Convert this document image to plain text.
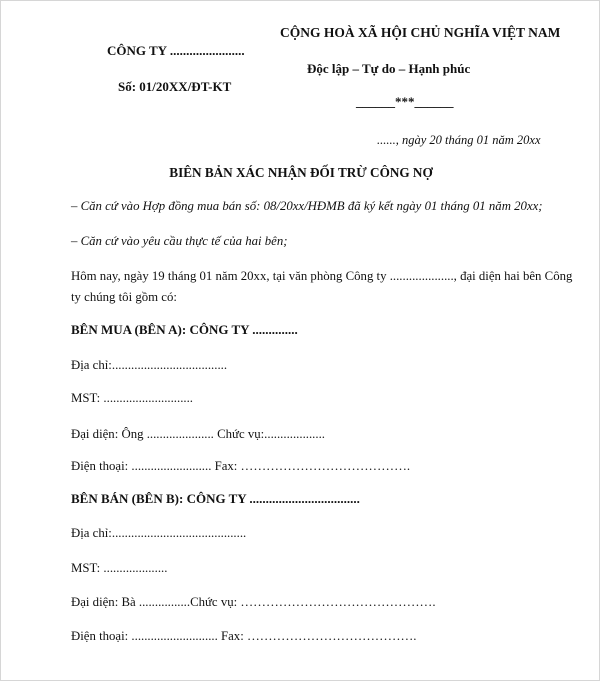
CÔNG TY .......................
Số: 01/20XX/ĐT-KT
CỘNG HOÀ XÃ HỘI CHỦ NGHĨA VIỆT NAM
Độc lập – Tự do – Hạnh phúc
______***______
......, ngày 20 tháng 01 năm 20xx
BIÊN BẢN XÁC NHẬN ĐỐI TRỪ CÔNG NỢ
– Căn cứ vào Hợp đồng mua bán số: 08/20xx/HĐMB đã ký kết ngày 01 tháng 01 năm 20xx;
– Căn cứ vào yêu cầu thực tế của hai bên;
Hôm nay, ngày 19 tháng 01 năm 20xx, tại văn phòng Công ty ...................., đại diện hai bên Công
ty chúng tôi gồm có:
BÊN MUA (BÊN A): CÔNG TY ..............
Địa chỉ:....................................
MST: ............................
Đại diện: Ông ..................... Chức vụ:...................
Điện thoại: ......................... Fax: ………………………………….
BÊN BÁN (BÊN B): CÔNG TY ..................................
Địa chỉ:..........................................
MST: ....................
Đại diện: Bà ................Chức vụ: ……………………………………….
Điện thoại: ........................... Fax: ………………………………….
